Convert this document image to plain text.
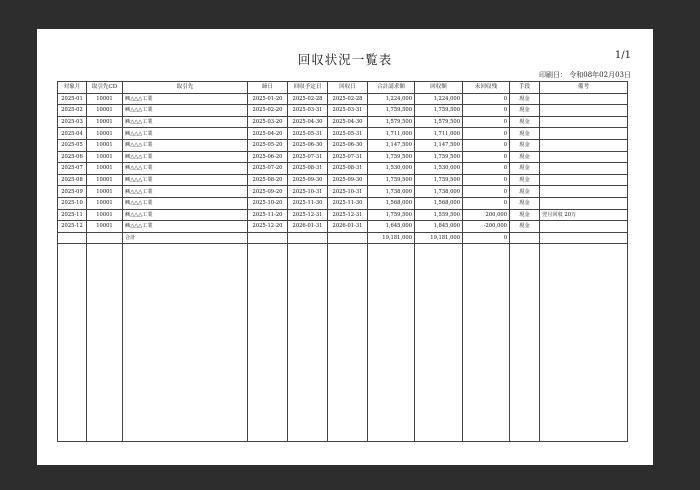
回収状況一覧表	1/1
印刷日： 令和08年02月03日
対象月	取引先CD	取引先	締日	回収予定日	回収日	合計請求額	回収額	未回収残	手段	備考
2025-01	10001	㈱△△△工業	2025-01-20	2025-02-28	2025-02-28	1,224,000	1,224,000	0	現金	
2025-02	10001	㈱△△△工業	2025-02-20	2025-03-31	2025-03-31	1,759,500	1,759,500	0	現金	
2025-03	10001	㈱△△△工業	2025-03-20	2025-04-30	2025-04-30	1,579,500	1,579,500	0	現金	
2025-04	10001	㈱△△△工業	2025-04-20	2025-05-31	2025-05-31	1,711,000	1,711,000	0	現金	
2025-05	10001	㈱△△△工業	2025-05-20	2025-06-30	2025-06-30	1,147,500	1,147,500	0	現金	
2025-06	10001	㈱△△△工業	2025-06-20	2025-07-31	2025-07-31	1,759,500	1,759,500	0	現金	
2025-07	10001	㈱△△△工業	2025-07-20	2025-08-31	2025-08-31	1,530,000	1,530,000	0	現金	
2025-08	10001	㈱△△△工業	2025-08-20	2025-09-30	2025-09-30	1,759,500	1,759,500	0	現金	
2025-09	10001	㈱△△△工業	2025-09-20	2025-10-31	2025-10-31	1,738,000	1,738,000	0	現金	
2025-10	10001	㈱△△△工業	2025-10-20	2025-11-30	2025-11-30	1,568,000	1,568,000	0	現金	
2025-11	10001	㈱△△△工業	2025-11-20	2025-12-31	2025-12-31	1,759,500	1,559,500	200,000	現金	翌月回収 20万
2025-12	10001	㈱△△△工業	2025-12-20	2026-01-31	2026-01-31	1,645,000	1,845,000	-200,000	現金	
		合計				19,181,000	19,181,000	0		
